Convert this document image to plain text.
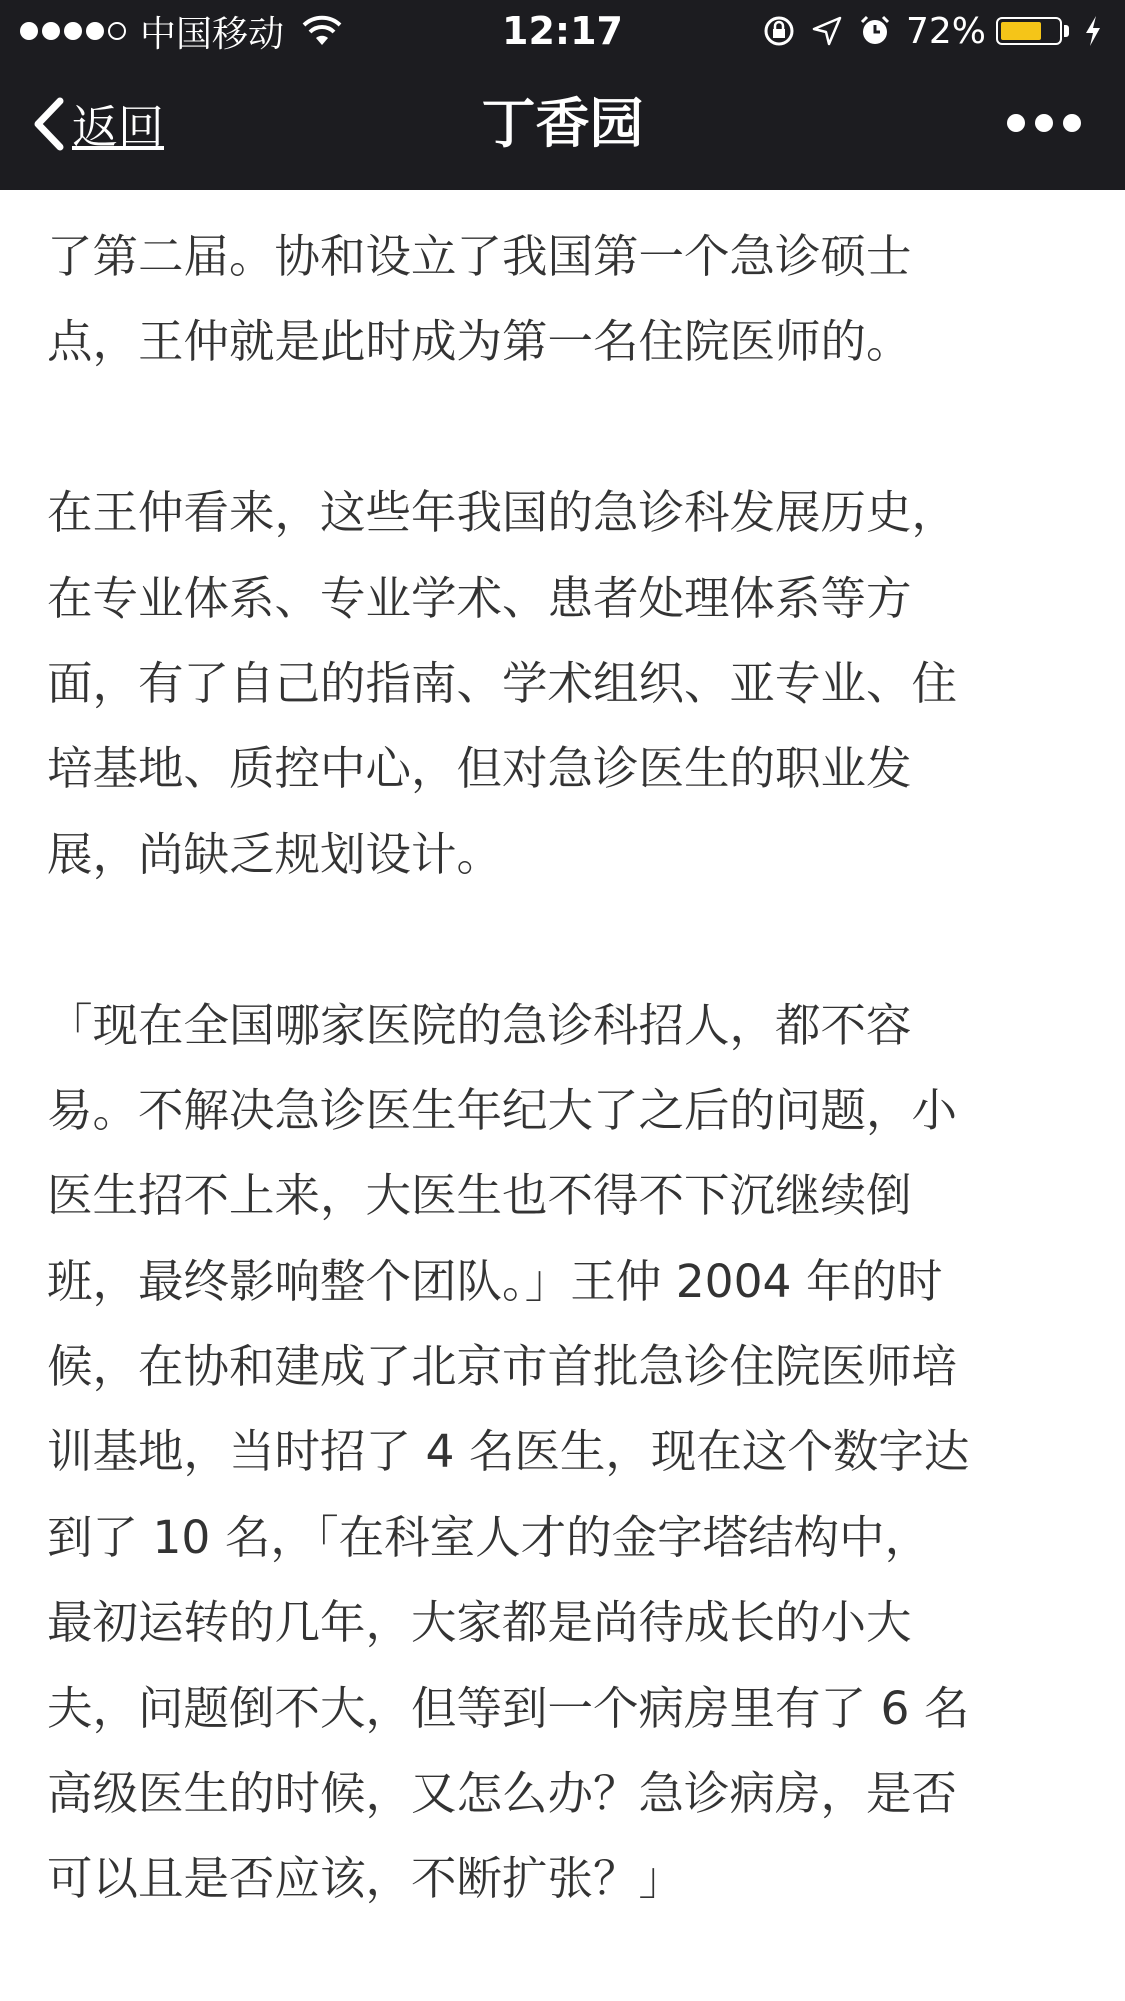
中国移动	12:17	72%
返回	丁香园
了第二届。协和设立了我国第一个急诊硕士
点，王仲就是此时成为第一名住院医师的。
在王仲看来，这些年我国的急诊科发展历史，
在专业体系、专业学术、患者处理体系等方
面，有了自己的指南、学术组织、亚专业、住
培基地、质控中心，但对急诊医生的职业发
展，尚缺乏规划设计。
「现在全国哪家医院的急诊科招人，都不容
易。不解决急诊医生年纪大了之后的问题，小
医生招不上来，大医生也不得不下沉继续倒
班，最终影响整个团队。」王仲 2004 年的时
候，在协和建成了北京市首批急诊住院医师培
训基地，当时招了 4 名医生，现在这个数字达
到了 10 名，「在科室人才的金字塔结构中，
最初运转的几年，大家都是尚待成长的小大
夫，问题倒不大，但等到一个病房里有了 6 名
高级医生的时候，又怎么办？急诊病房，是否
可以且是否应该，不断扩张？」
